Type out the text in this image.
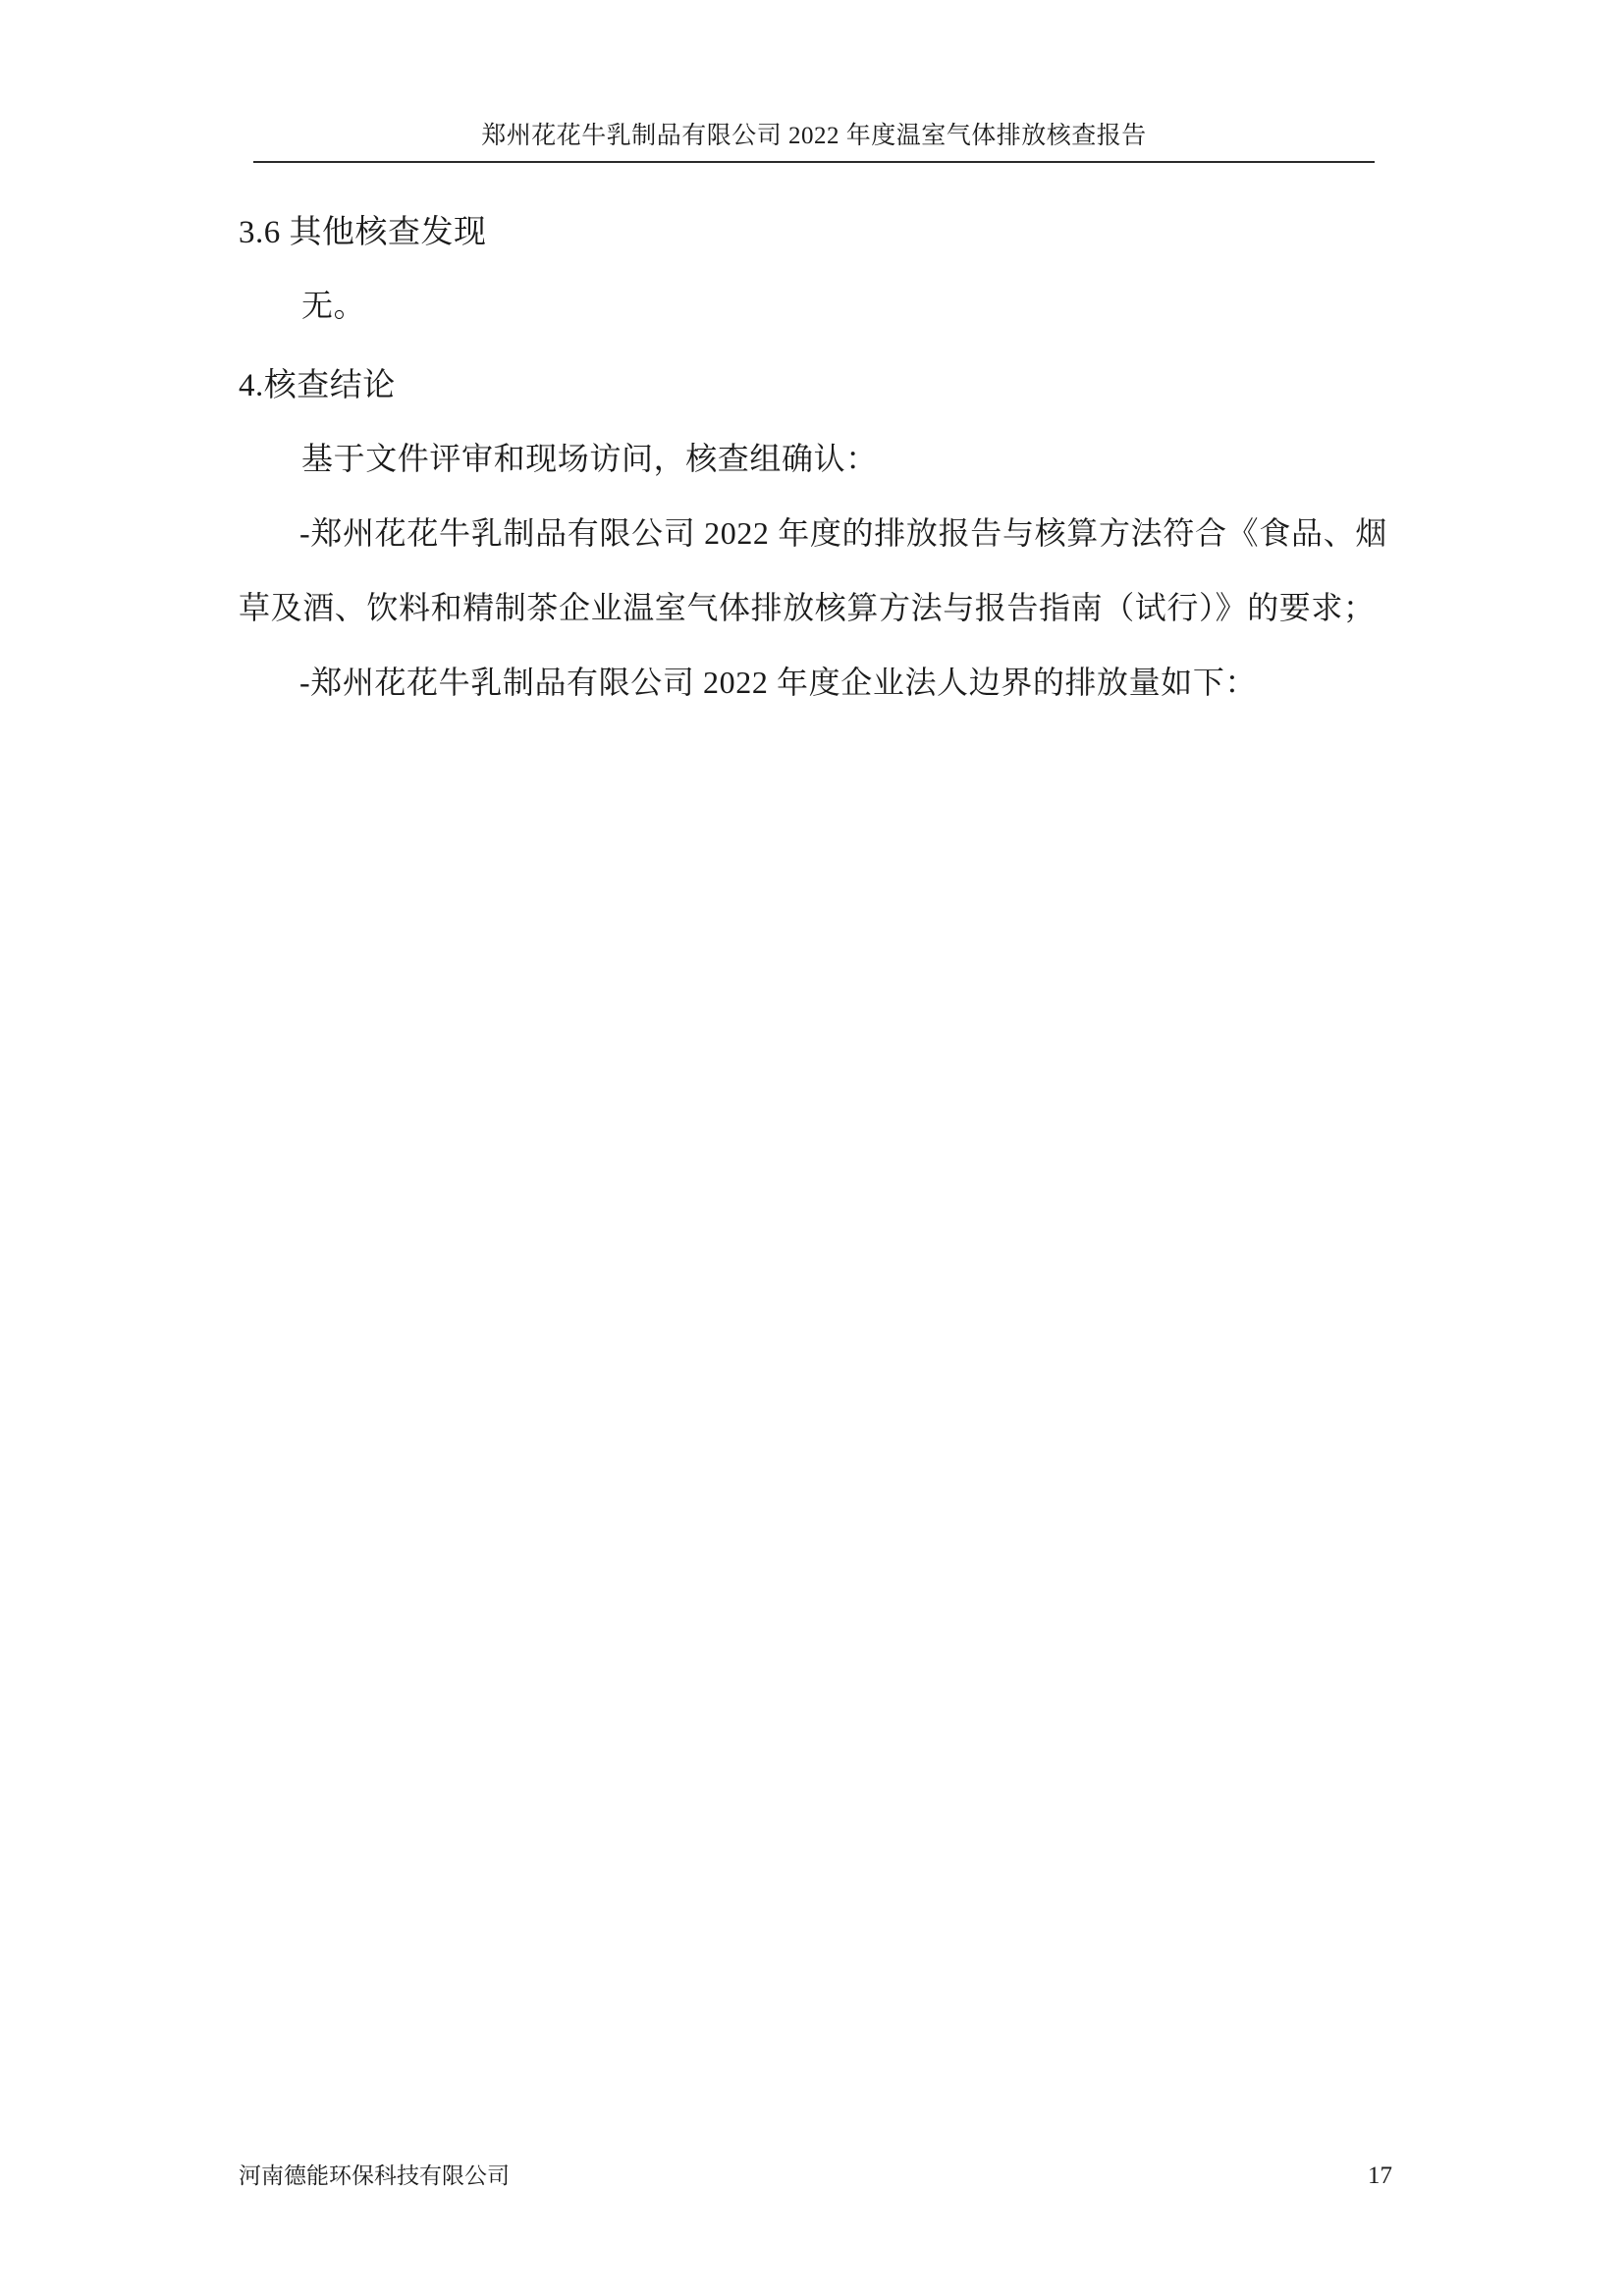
郑州花花牛乳制品有限公司 2022 年度温室气体排放核查报告

3.6 其他核查发现

无。

4.核查结论

基于文件评审和现场访问，核查组确认：

-郑州花花牛乳制品有限公司 2022 年度的排放报告与核算方法符合《食品、烟草及酒、饮料和精制茶企业温室气体排放核算方法与报告指南（试行）》的要求；

-郑州花花牛乳制品有限公司 2022 年度企业法人边界的排放量如下：

河南德能环保科技有限公司	17
